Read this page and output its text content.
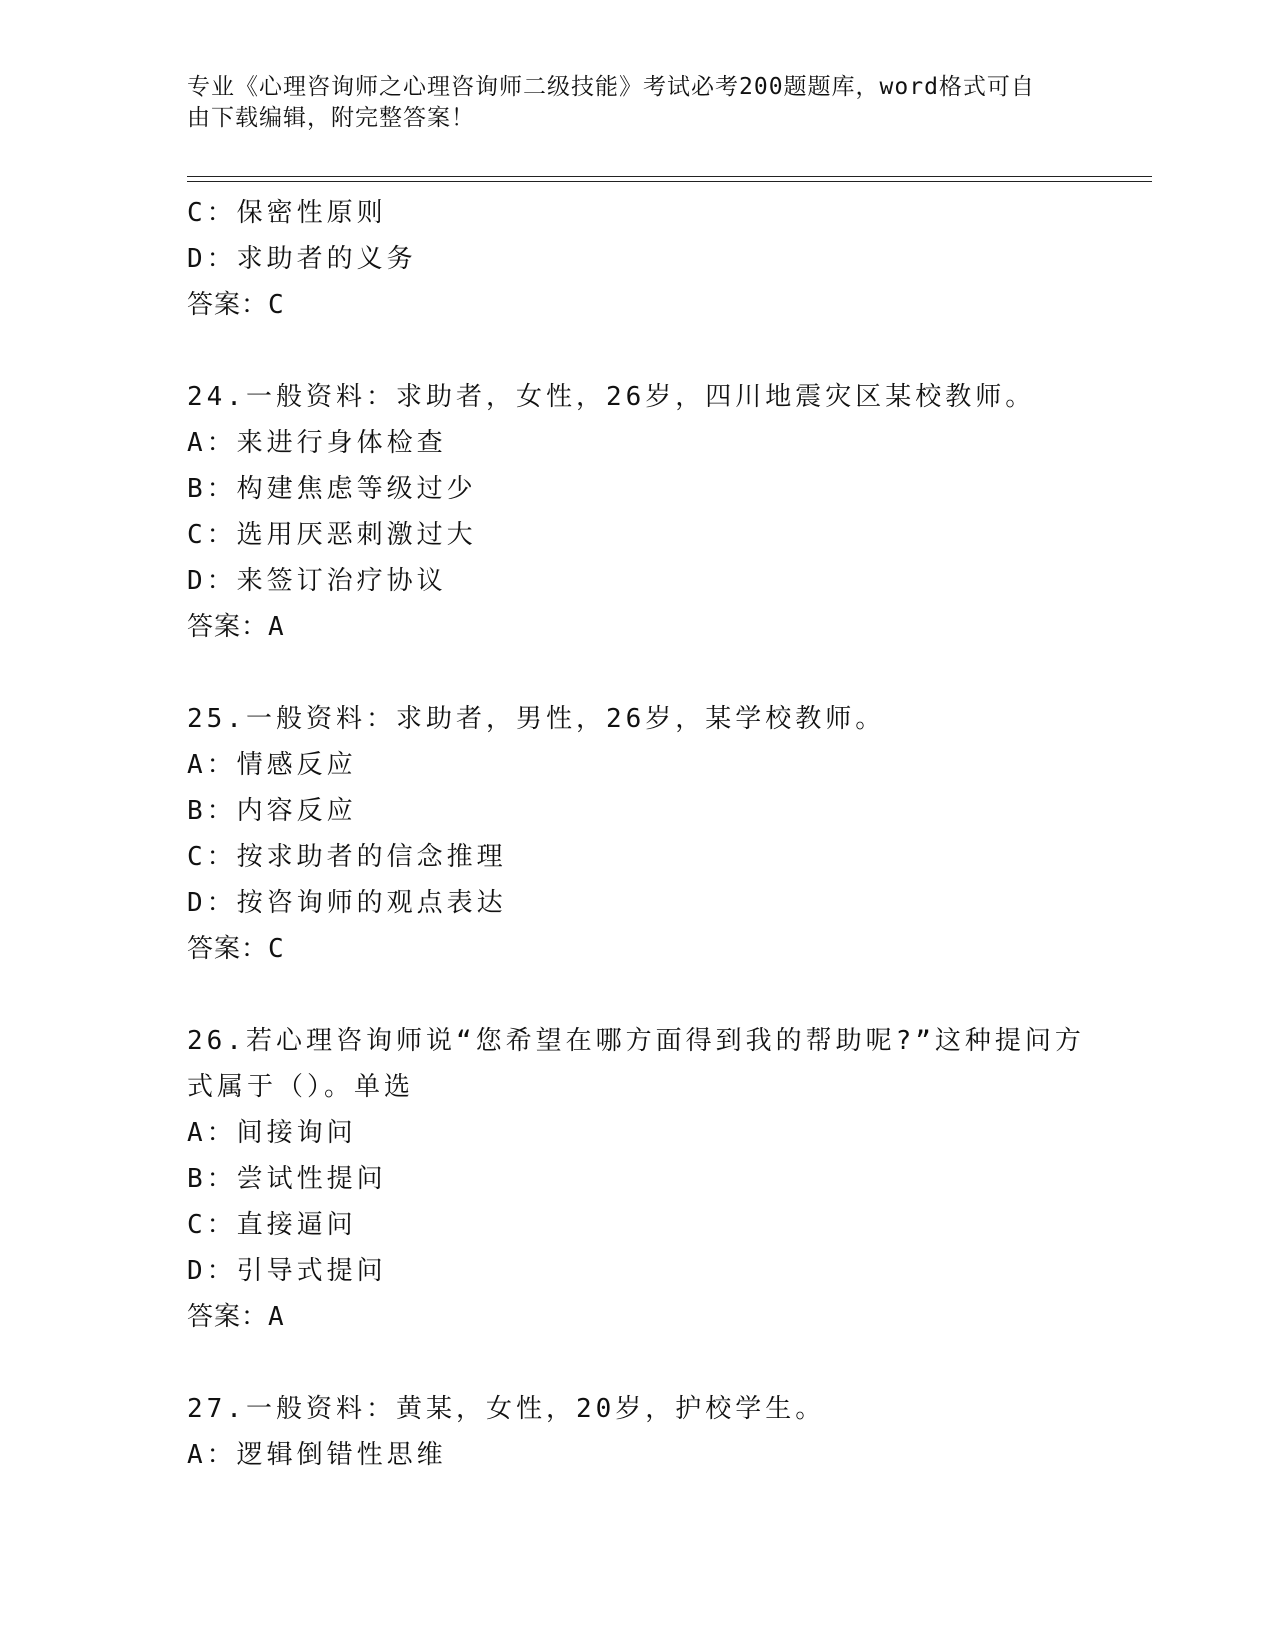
专业《心理咨询师之心理咨询师二级技能》考试必考200题题库，word格式可自
由下载编辑，附完整答案！
C：保密性原则
D：求助者的义务
答案：C
24.一般资料：求助者，女性，26岁，四川地震灾区某校教师。
A：来进行身体检查
B：构建焦虑等级过少
C：选用厌恶刺激过大
D：来签订治疗协议
答案：A
25.一般资料：求助者，男性，26岁，某学校教师。
A：情感反应
B：内容反应
C：按求助者的信念推理
D：按咨询师的观点表达
答案：C
26.若心理咨询师说“您希望在哪方面得到我的帮助呢?”这种提问方
式属于（）。单选
A：间接询问
B：尝试性提问
C：直接逼问
D：引导式提问
答案：A
27.一般资料：黄某，女性，20岁，护校学生。
A：逻辑倒错性思维
